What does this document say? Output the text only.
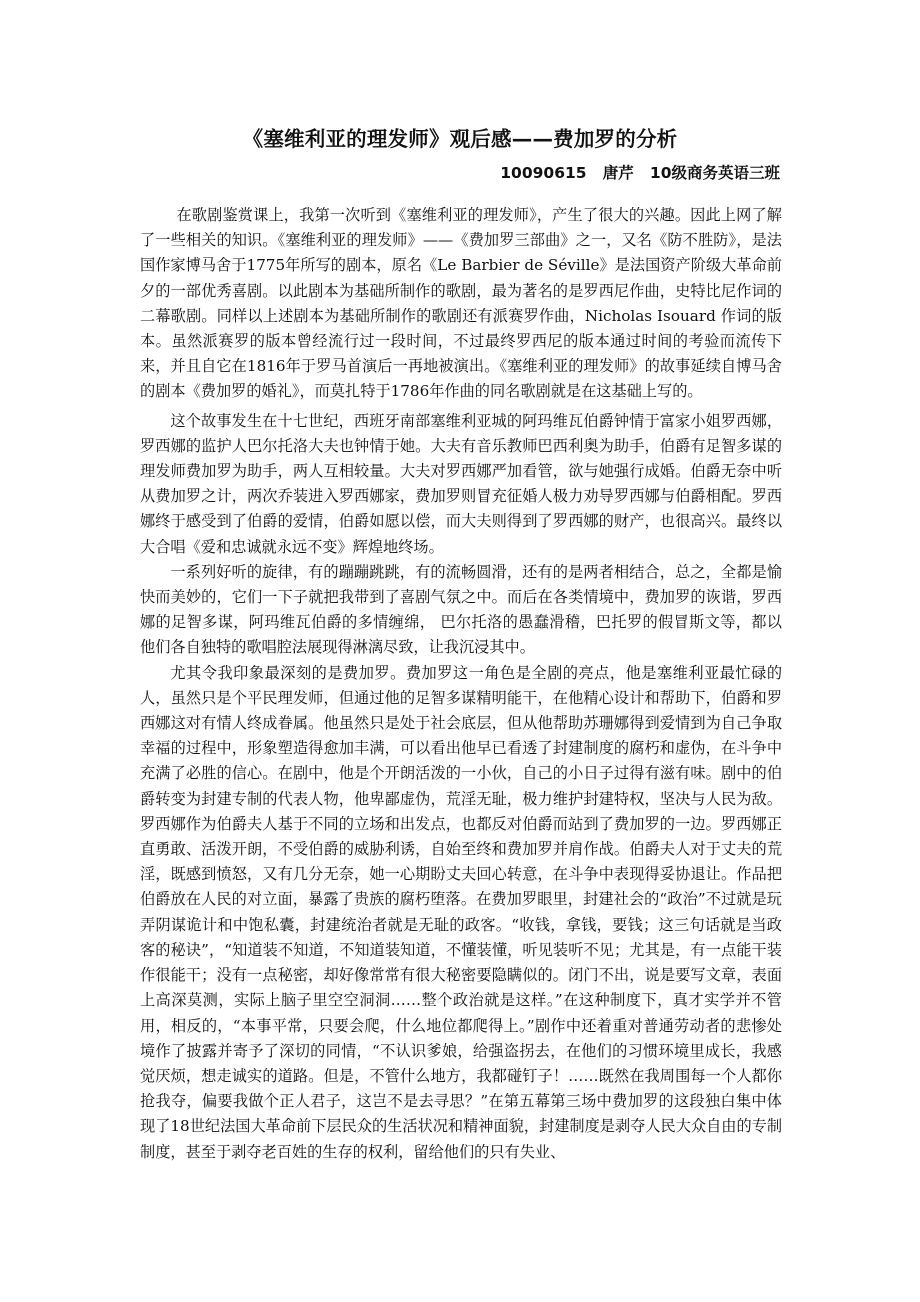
《塞维利亚的理发师》观后感——费加罗的分析
10090615   唐芹   10级商务英语三班

在歌剧鉴赏课上，我第一次听到《塞维利亚的理发师》，产生了很大的兴趣。因此上网了解了一些相关的知识。《塞维利亚的理发师》——《费加罗三部曲》之一，又名《防不胜防》，是法国作家博马舍于1775年所写的剧本，原名《Le Barbier de Séville》是法国资产阶级大革命前夕的一部优秀喜剧。以此剧本为基础所制作的歌剧，最为著名的是罗西尼作曲，史特比尼作词的二幕歌剧。同样以上述剧本为基础所制作的歌剧还有派赛罗作曲，Nicholas Isouard 作词的版本。虽然派赛罗的版本曾经流行过一段时间，不过最终罗西尼的版本通过时间的考验而流传下来，并且自它在1816年于罗马首演后一再地被演出。《塞维利亚的理发师》的故事延续自博马舍的剧本《费加罗的婚礼》，而莫扎特于1786年作曲的同名歌剧就是在这基础上写的。

这个故事发生在十七世纪，西班牙南部塞维利亚城的阿玛维瓦伯爵钟情于富家小姐罗西娜，罗西娜的监护人巴尔托洛大夫也钟情于她。大夫有音乐教师巴西利奥为助手，伯爵有足智多谋的理发师费加罗为助手，两人互相较量。大夫对罗西娜严加看管，欲与她强行成婚。伯爵无奈中听从费加罗之计，两次乔装进入罗西娜家，费加罗则冒充征婚人极力劝导罗西娜与伯爵相配。罗西娜终于感受到了伯爵的爱情，伯爵如愿以偿，而大夫则得到了罗西娜的财产，也很高兴。最终以大合唱《爱和忠诚就永远不变》辉煌地终场。

一系列好听的旋律，有的蹦蹦跳跳，有的流畅圆滑，还有的是两者相结合，总之，全都是愉快而美妙的，它们一下子就把我带到了喜剧气氛之中。而后在各类情境中，费加罗的诙谐，罗西娜的足智多谋，阿玛维瓦伯爵的多情缠绵， 巴尔托洛的愚蠢滑稽，巴托罗的假冒斯文等，都以他们各自独特的歌唱腔法展现得淋漓尽致，让我沉浸其中。

尤其令我印象最深刻的是费加罗。费加罗这一角色是全剧的亮点，他是塞维利亚最忙碌的人，虽然只是个平民理发师，但通过他的足智多谋精明能干，在他精心设计和帮助下，伯爵和罗西娜这对有情人终成眷属。他虽然只是处于社会底层，但从他帮助苏珊娜得到爱情到为自己争取幸福的过程中，形象塑造得愈加丰满，可以看出他早已看透了封建制度的腐朽和虚伪，在斗争中充满了必胜的信心。在剧中，他是个开朗活泼的一小伙，自己的小日子过得有滋有味。剧中的伯爵转变为封建专制的代表人物，他卑鄙虚伪，荒淫无耻，极力维护封建特权，坚决与人民为敌。罗西娜作为伯爵夫人基于不同的立场和出发点，也都反对伯爵而站到了费加罗的一边。罗西娜正直勇敢、活泼开朗，不受伯爵的威胁利诱，自始至终和费加罗并肩作战。伯爵夫人对于丈夫的荒淫，既感到愤怒，又有几分无奈，她一心期盼丈夫回心转意，在斗争中表现得妥协退让。作品把伯爵放在人民的对立面，暴露了贵族的腐朽堕落。在费加罗眼里，封建社会的“政治”不过就是玩弄阴谋诡计和中饱私囊，封建统治者就是无耻的政客。“收钱，拿钱，要钱；这三句话就是当政客的秘诀”，“知道装不知道，不知道装知道，不懂装懂，听见装听不见；尤其是，有一点能干装作很能干；没有一点秘密，却好像常常有很大秘密要隐瞒似的。闭门不出，说是要写文章，表面上高深莫测，实际上脑子里空空洞洞……整个政治就是这样。”在这种制度下，真才实学并不管用，相反的，“本事平常，只要会爬，什么地位都爬得上。”剧作中还着重对普通劳动者的悲惨处境作了披露并寄予了深切的同情，“不认识爹娘，给强盗拐去，在他们的习惯环境里成长，我感觉厌烦，想走诚实的道路。但是，不管什么地方，我都碰钉子！……既然在我周围每一个人都你抢我夺，偏要我做个正人君子，这岂不是去寻思？”在第五幕第三场中费加罗的这段独白集中体现了18世纪法国大革命前下层民众的生活状况和精神面貌，封建制度是剥夺人民大众自由的专制制度，甚至于剥夺老百姓的生存的权利，留给他们的只有失业、
